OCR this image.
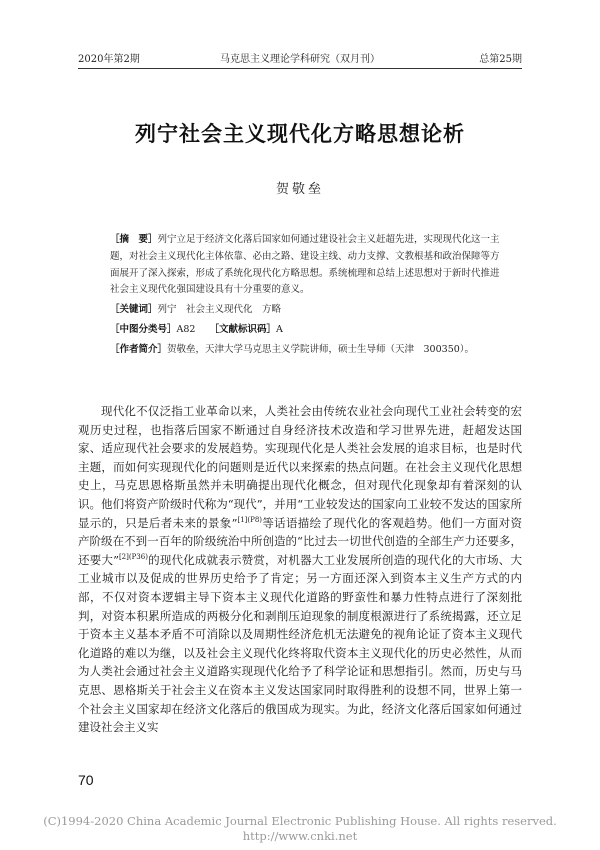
2020年第2期	马克思主义理论学科研究（双月刊）	总第25期
列宁社会主义现代化方略思想论析
贺敬垒
［摘　要］列宁立足于经济文化落后国家如何通过建设社会主义赶超先进，实现现代化这一主题，对社会主义现代化主体依靠、必由之路、建设主线、动力支撑、文教根基和政治保障等方面展开了深入探索，形成了系统化现代化方略思想。系统梳理和总结上述思想对于新时代推进社会主义现代化强国建设具有十分重要的意义。
［关键词］列宁　社会主义现代化　方略
［中图分类号］A82 ［文献标识码］A
［作者简介］贺敬垒，天津大学马克思主义学院讲师，硕士生导师（天津　300350）。

现代化不仅泛指工业革命以来，人类社会由传统农业社会向现代工业社会转变的宏观历史过程，也指落后国家不断通过自身经济技术改造和学习世界先进，赶超发达国家、适应现代社会要求的发展趋势。实现现代化是人类社会发展的追求目标，也是时代主题，而如何实现现代化的问题则是近代以来探索的热点问题。在社会主义现代化思想史上，马克思恩格斯虽然并未明确提出现代化概念，但对现代化现象却有着深刻的认识。他们将资产阶级时代称为“现代”，并用“工业较发达的国家向工业较不发达的国家所显示的，只是后者未来的景象”$^{[1](P8)}$等话语描绘了现代化的客观趋势。他们一方面对资产阶级在不到一百年的阶级统治中所创造的“比过去一切世代创造的全部生产力还要多，还要大”$^{[2](P36)}$的现代化成就表示赞赏，对机器大工业发展所创造的现代化的大市场、大工业城市以及促成的世界历史给予了肯定；另一方面还深入到资本主义生产方式的内部，不仅对资本逻辑主导下资本主义现代化道路的野蛮性和暴力性特点进行了深刻批判，对资本积累所造成的两极分化和剥削压迫现象的制度根源进行了系统揭露，还立足于资本主义基本矛盾不可消除以及周期性经济危机无法避免的视角论证了资本主义现代化道路的难以为继，以及社会主义现代化终将取代资本主义现代化的历史必然性，从而为人类社会通过社会主义道路实现现代化给予了科学论证和思想指引。然而，历史与马克思、恩格斯关于社会主义在资本主义发达国家同时取得胜利的设想不同，世界上第一个社会主义国家却在经济文化落后的俄国成为现实。为此，经济文化落后国家如何通过建设社会主义实

70
(C)1994-2020 China Academic Journal Electronic Publishing House. All rights reserved.　http://www.cnki.net
